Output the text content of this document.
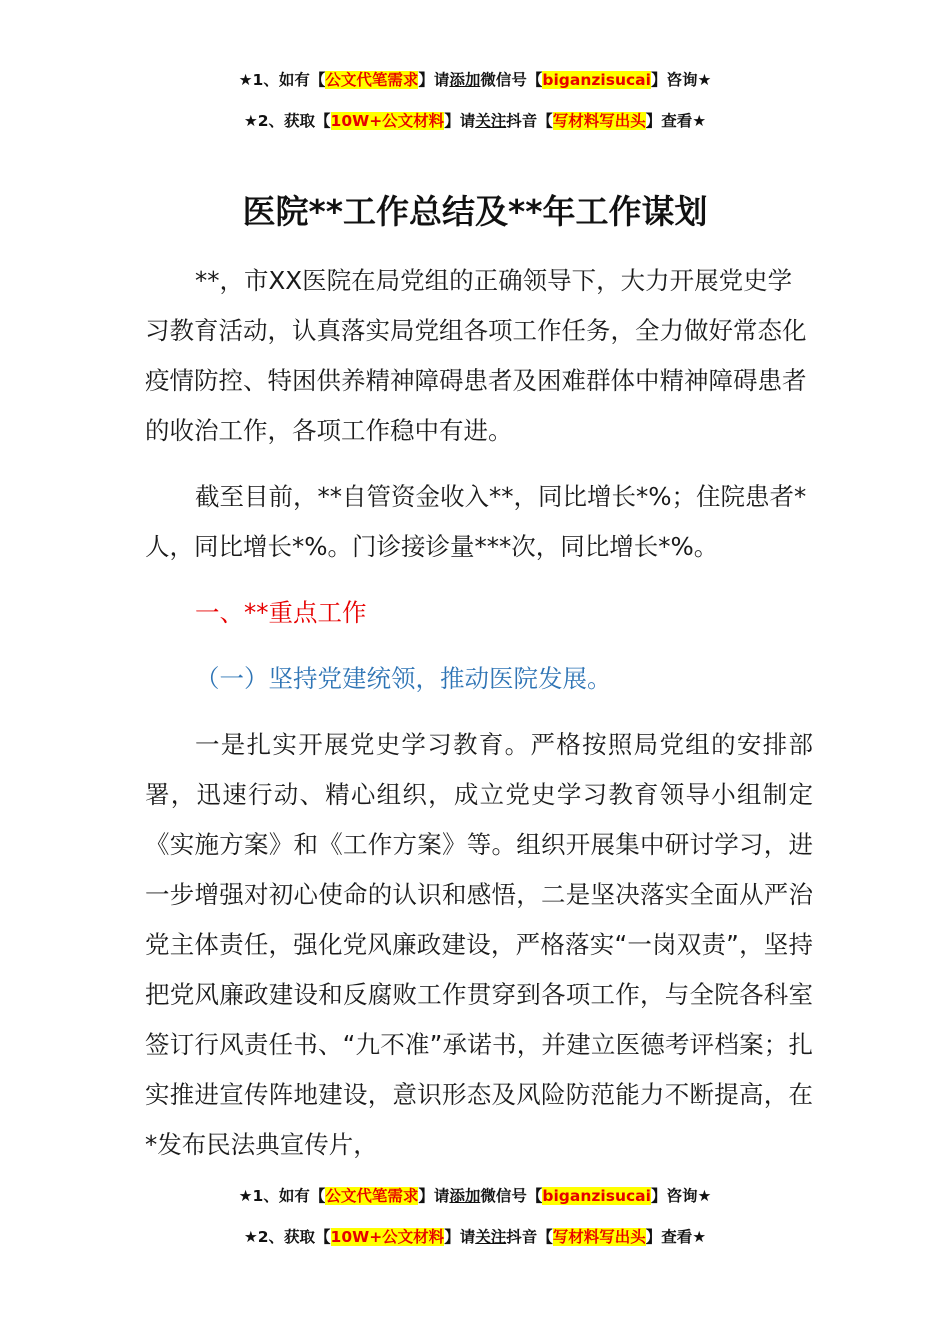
★1、如有【公文代笔需求】请添加微信号【biganzisucai】咨询★
★2、获取【10W+公文材料】请关注抖音【写材料写出头】查看★
医院**工作总结及**年工作谋划

**，市XX医院在局党组的正确领导下，大力开展党史学习教育活动，认真落实局党组各项工作任务，全力做好常态化疫情防控、特困供养精神障碍患者及困难群体中精神障碍患者的收治工作，各项工作稳中有进。

截至目前，**自管资金收入**，同比增长*%；住院患者*人，同比增长*%。门诊接诊量***次，同比增长*%。

一、**重点工作

（一）坚持党建统领，推动医院发展。

一是扎实开展党史学习教育。严格按照局党组的安排部署，迅速行动、精心组织，成立党史学习教育领导小组制定《实施方案》和《工作方案》等。组织开展集中研讨学习，进一步增强对初心使命的认识和感悟，二是坚决落实全面从严治党主体责任，强化党风廉政建设，严格落实“一岗双责”，坚持把党风廉政建设和反腐败工作贯穿到各项工作，与全院各科室签订行风责任书、“九不准”承诺书，并建立医德考评档案；扎实推进宣传阵地建设，意识形态及风险防范能力不断提高，在*发布民法典宣传片，

★1、如有【公文代笔需求】请添加微信号【biganzisucai】咨询★
★2、获取【10W+公文材料】请关注抖音【写材料写出头】查看★
